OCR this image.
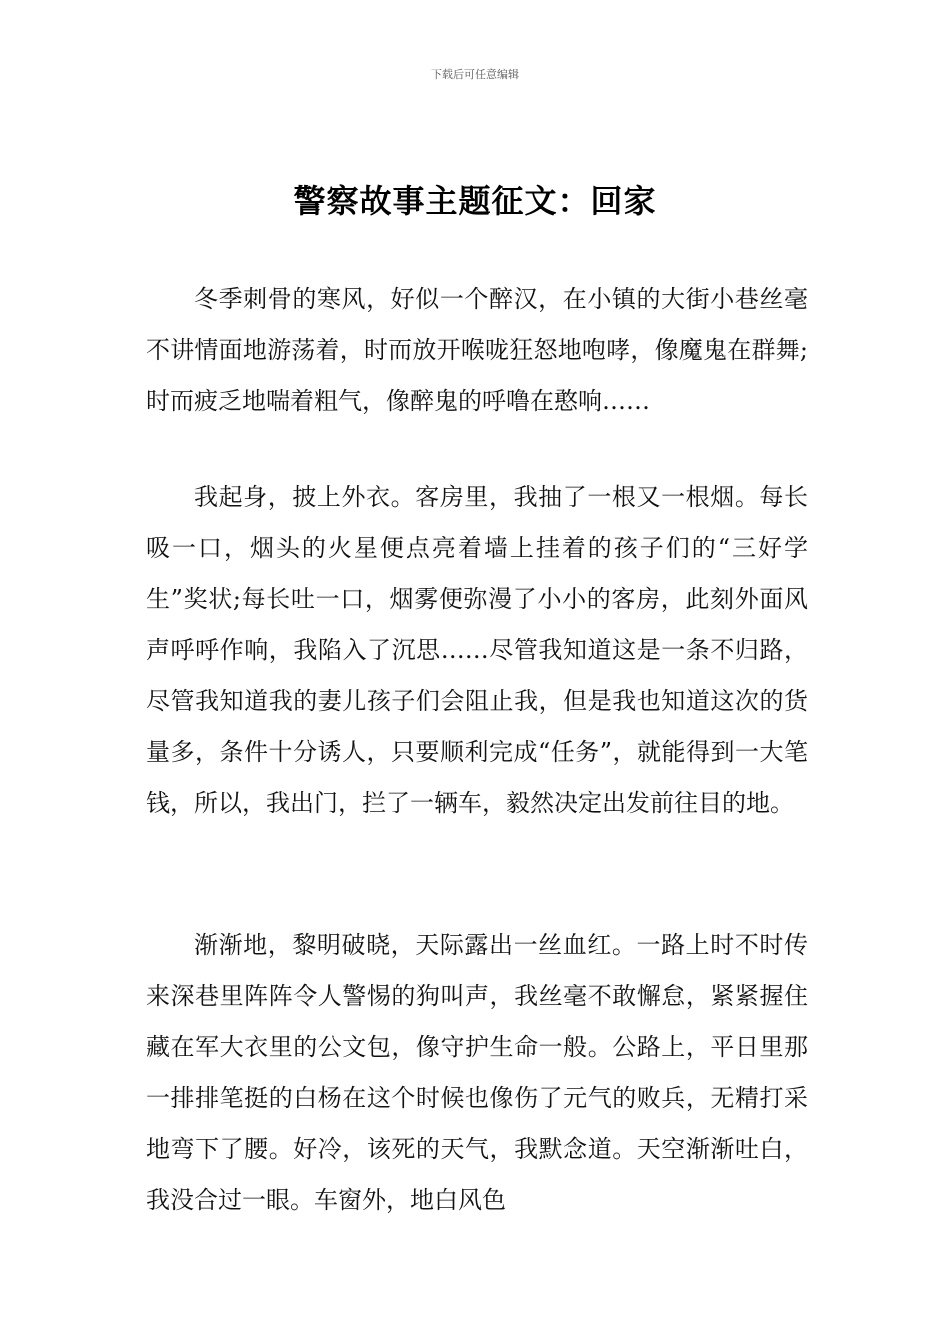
下载后可任意编辑
警察故事主题征文：回家

冬季刺骨的寒风，好似一个醉汉，在小镇的大街小巷丝毫不讲情面地游荡着，时而放开喉咙狂怒地咆哮，像魔鬼在群舞;时而疲乏地喘着粗气，像醉鬼的呼噜在憨响……

我起身，披上外衣。客房里，我抽了一根又一根烟。每长吸一口，烟头的火星便点亮着墙上挂着的孩子们的“三好学生”奖状;每长吐一口，烟雾便弥漫了小小的客房，此刻外面风声呼呼作响，我陷入了沉思……尽管我知道这是一条不归路，尽管我知道我的妻儿孩子们会阻止我，但是我也知道这次的货量多，条件十分诱人，只要顺利完成“任务”，就能得到一大笔钱，所以，我出门，拦了一辆车，毅然决定出发前往目的地。

渐渐地，黎明破晓，天际露出一丝血红。一路上时不时传来深巷里阵阵令人警惕的狗叫声，我丝毫不敢懈怠，紧紧握住藏在军大衣里的公文包，像守护生命一般。公路上，平日里那一排排笔挺的白杨在这个时候也像伤了元气的败兵，无精打采地弯下了腰。好冷，该死的天气，我默念道。天空渐渐吐白，我没合过一眼。车窗外，地白风色
